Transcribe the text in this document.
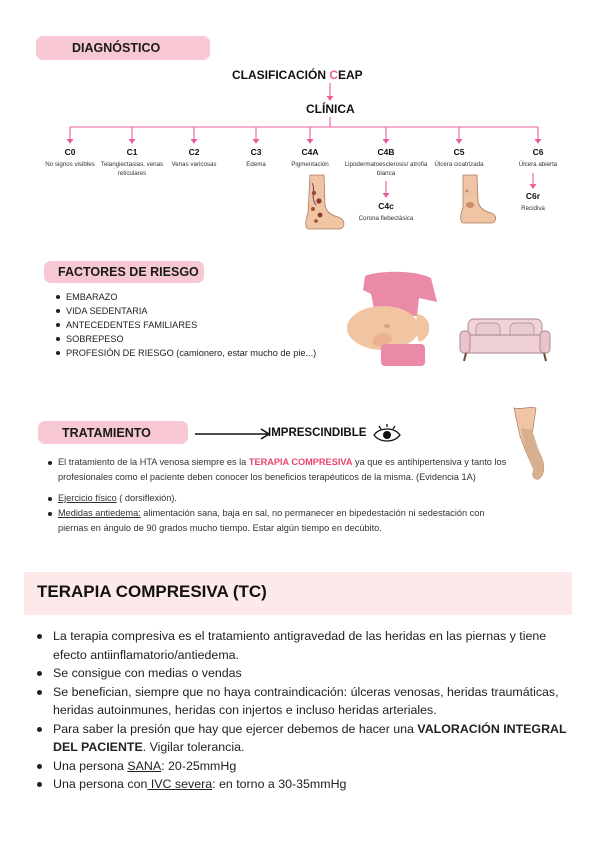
DIAGNÓSTICO
CLASIFICACIÓN CEAP
CLÍNICA
C0
No signos visibles
C1
Telangiectasias, venas reticulares
C2
Venas varicosas
C3
Edema
C4A
Pigmentación
C4B
Lipodermatoesclerosis/ atrofia blanca
C4c
Corona flebectásica
C5
Úlcera cicatrizada
C6
Úlcera abierta
C6r
Recidiva
FACTORES DE RIESGO
EMBARAZO
VIDA SEDENTARIA
ANTECEDENTES FAMILIARES
SOBREPESO
PROFESIÓN DE RIESGO (camionero, estar mucho de pie...)
TRATAMIENTO	IMPRESCINDIBLE
El tratamiento de la HTA venosa siempre es la TERAPIA COMPRESIVA ya que es antihipertensiva y tanto los profesionales como el paciente deben conocer los beneficios terapéuticos de la misma. (Evidencia 1A)
Ejercicio físico ( dorsiflexión).
Medidas antiedema: alimentación sana, baja en sal, no permanecer en bipedestación ni sedestación con piernas en ángulo de 90 grados mucho tiempo. Estar algún tiempo en decúbito.
TERAPIA COMPRESIVA (TC)
La terapia compresiva es el tratamiento antigravedad de las heridas en las piernas y tiene efecto antiinflamatorio/antiedema.
Se consigue con medias o vendas
Se benefician, siempre que no haya contraindicación: úlceras venosas, heridas traumáticas, heridas autoinmunes, heridas con injertos e incluso heridas arteriales.
Para saber la presión que hay que ejercer debemos de hacer una VALORACIÓN INTEGRAL DEL PACIENTE. Vigilar tolerancia.
Una persona SANA: 20-25mmHg
Una persona con IVC severa: en torno a 30-35mmHg
